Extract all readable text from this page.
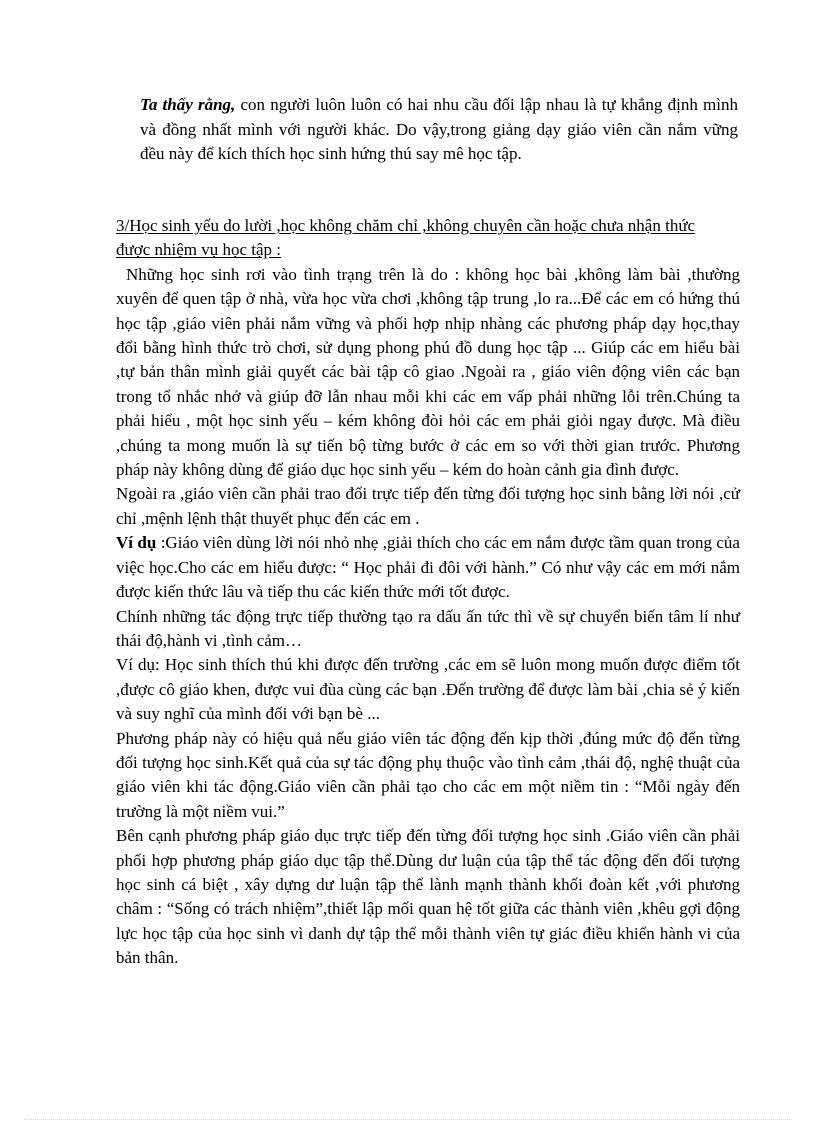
Ta thấy rằng, con người luôn luôn có hai nhu cầu đối lập nhau là tự khẳng định mình và đồng nhất mình với người khác. Do vậy,trong giảng dạy giáo viên cần nắm vững đều này để kích thích học sinh hứng thú say mê học tập.

3/Học sinh yếu do lười ,học không chăm chỉ ,không chuyên cần hoặc chưa nhận thức được nhiệm vụ học tập :

Những học sinh rơi vào tình trạng trên là do : không học bài ,không làm bài ,thường xuyên để quen tập ở nhà, vừa học vừa chơi ,không tập trung ,lo ra...Để các em có hứng thú học tập ,giáo viên phải nắm vững và phối hợp nhịp nhàng các phương pháp dạy học,thay đổi bằng hình thức trò chơi, sử dụng phong phú đồ dung học tập ... Giúp các em hiểu bài ,tự bản thân mình giải quyết các bài tập cô giao .Ngoài ra , giáo viên động viên các bạn trong tổ nhắc nhở và giúp đỡ lẫn nhau mỗi khi các em vấp phải những lỗi trên.Chúng ta phải hiểu , một học sinh yếu – kém không đòi hỏi các em phải giỏi ngay được. Mà điều ,chúng ta mong muốn là sự tiến bộ từng bước ở các em so với thời gian trước. Phương pháp này không dùng để giáo dục học sinh yếu – kém do hoàn cảnh gia đình được.

Ngoài ra ,giáo viên cần phải trao đổi trực tiếp đến từng đối tượng học sinh bằng lời nói ,cử chỉ ,mệnh lệnh thật thuyết phục đến các em .

Ví dụ :Giáo viên dùng lời nói nhỏ nhẹ ,giải thích cho các em nắm được tầm quan trong của việc học.Cho các em hiểu được: “ Học phải đi đôi với hành.” Có như vậy các em mới nắm được kiến thức lâu và tiếp thu các kiến thức mới tốt được.

Chính những tác động trực tiếp thường tạo ra dấu ấn tức thì về sự chuyển biến tâm lí như thái độ,hành vi ,tình cảm…

Ví dụ: Học sinh thích thú khi được đến trường ,các em sẽ luôn mong muốn được điểm tốt ,được cô giáo khen, được vui đùa cùng các bạn .Đến trường để được làm bài ,chia sẻ ý kiến và suy nghĩ của mình đối với bạn bè ...

Phương pháp này có hiệu quả nếu giáo viên tác động đến kịp thời ,đúng mức độ đến từng đối tượng học sinh.Kết quả của sự tác động phụ thuộc vào tình cảm ,thái độ, nghệ thuật của giáo viên khi tác động.Giáo viên cần phải tạo cho các em một niềm tin : “Mỗi ngày đến trường là một niềm vui.”

Bên cạnh phương pháp giáo dục trực tiếp đến từng đối tượng học sinh .Giáo viên cần phải phối hợp phương pháp giáo dục tập thể.Dùng dư luận của tập thể tác động đến đối tượng học sinh cá biệt , xây dựng dư luận tập thể lành mạnh thành khối đoàn kết ,với phương châm : “Sống có trách nhiệm”,thiết lập mối quan hệ tốt giữa các thành viên ,khêu gợi động lực học tập của học sinh vì danh dự tập thể mỗi thành viên tự giác điều khiển hành vi của bản thân.
